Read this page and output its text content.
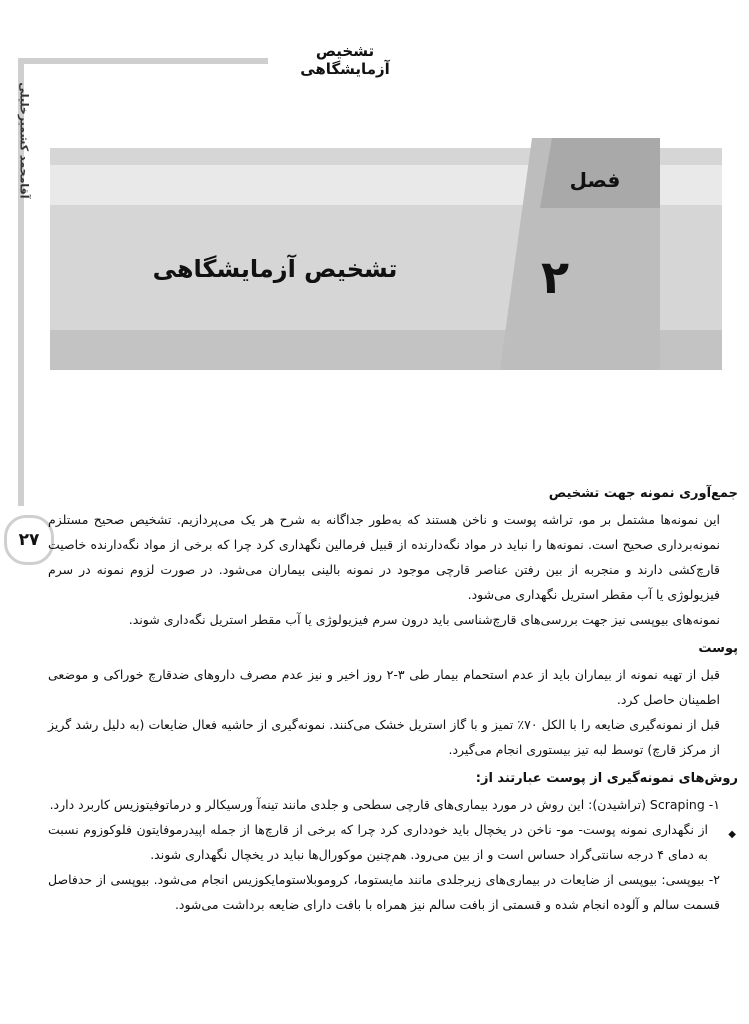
تشخیص آزمایشگاهی
آقامحمد کشمیرخلیلی
۲۷
فصل
۲
تشخیص آزمایشگاهی
جمع‌آوری نمونه جهت تشخیص

این نمونه‌ها مشتمل بر مو، تراشه پوست و ناخن هستند که به‌طور جداگانه به شرح هر یک می‌پردازیم. تشخیص صحیح مستلزم نمونه‌برداری صحیح است. نمونه‌ها را نباید در مواد نگه‌دارنده از قبیل فرمالین نگهداری کرد چرا که برخی از مواد نگه‌دارنده خاصیت قارچ‌کشی دارند و منجربه از بین رفتن عناصر قارچی موجود در نمونه بالینی بیماران می‌شود. در صورت لزوم نمونه در سرم فیزیولوژی یا آب مقطر استریل نگهداری می‌شود.

نمونه‌های بیوپسی نیز جهت بررسی‌های قارچ‌شناسی باید درون سرم فیزیولوژی یا آب مقطر استریل نگه‌داری شوند.

پوست

قبل از تهیه نمونه از بیماران باید از عدم استحمام بیمار طی ۳-۲ روز اخیر و نیز عدم مصرف داروهای ضدقارچ خوراکی و موضعی اطمینان حاصل کرد.

قبل از نمونه‌گیری ضایعه را با الکل ۷۰٪ تمیز و با گاز استریل خشک می‌کنند. نمونه‌گیری از حاشیه فعال ضایعات (به دلیل رشد گریز از مرکز قارچ) توسط لبه تیز بیستوری انجام می‌گیرد.

روش‌های نمونه‌گیری از پوست عبارتند از:

۱- Scraping (تراشیدن): این روش در مورد بیماری‌های قارچی سطحی و جلدی مانند تینه‌آ ورسیکالر و درماتوفیتوزیس کاربرد دارد.

◆
از نگهداری نمونه پوست- مو- ناخن در یخچال باید خودداری کرد چرا که برخی از قارچ‌ها از جمله اپیدرموفایتون فلوکوزوم نسبت به دمای ۴ درجه سانتی‌گراد حساس است و از بین می‌رود. هم‌چنین موکورال‌ها نباید در یخچال نگهداری شوند.

۲- بیوپسی: بیوپسی از ضایعات در بیماری‌های زیرجلدی مانند مایستوما، کروموبلاستومایکوزیس انجام می‌شود. بیوپسی از حدفاصل قسمت سالم و آلوده انجام شده و قسمتی از بافت سالم نیز همراه با بافت دارای ضایعه برداشت می‌شود.
